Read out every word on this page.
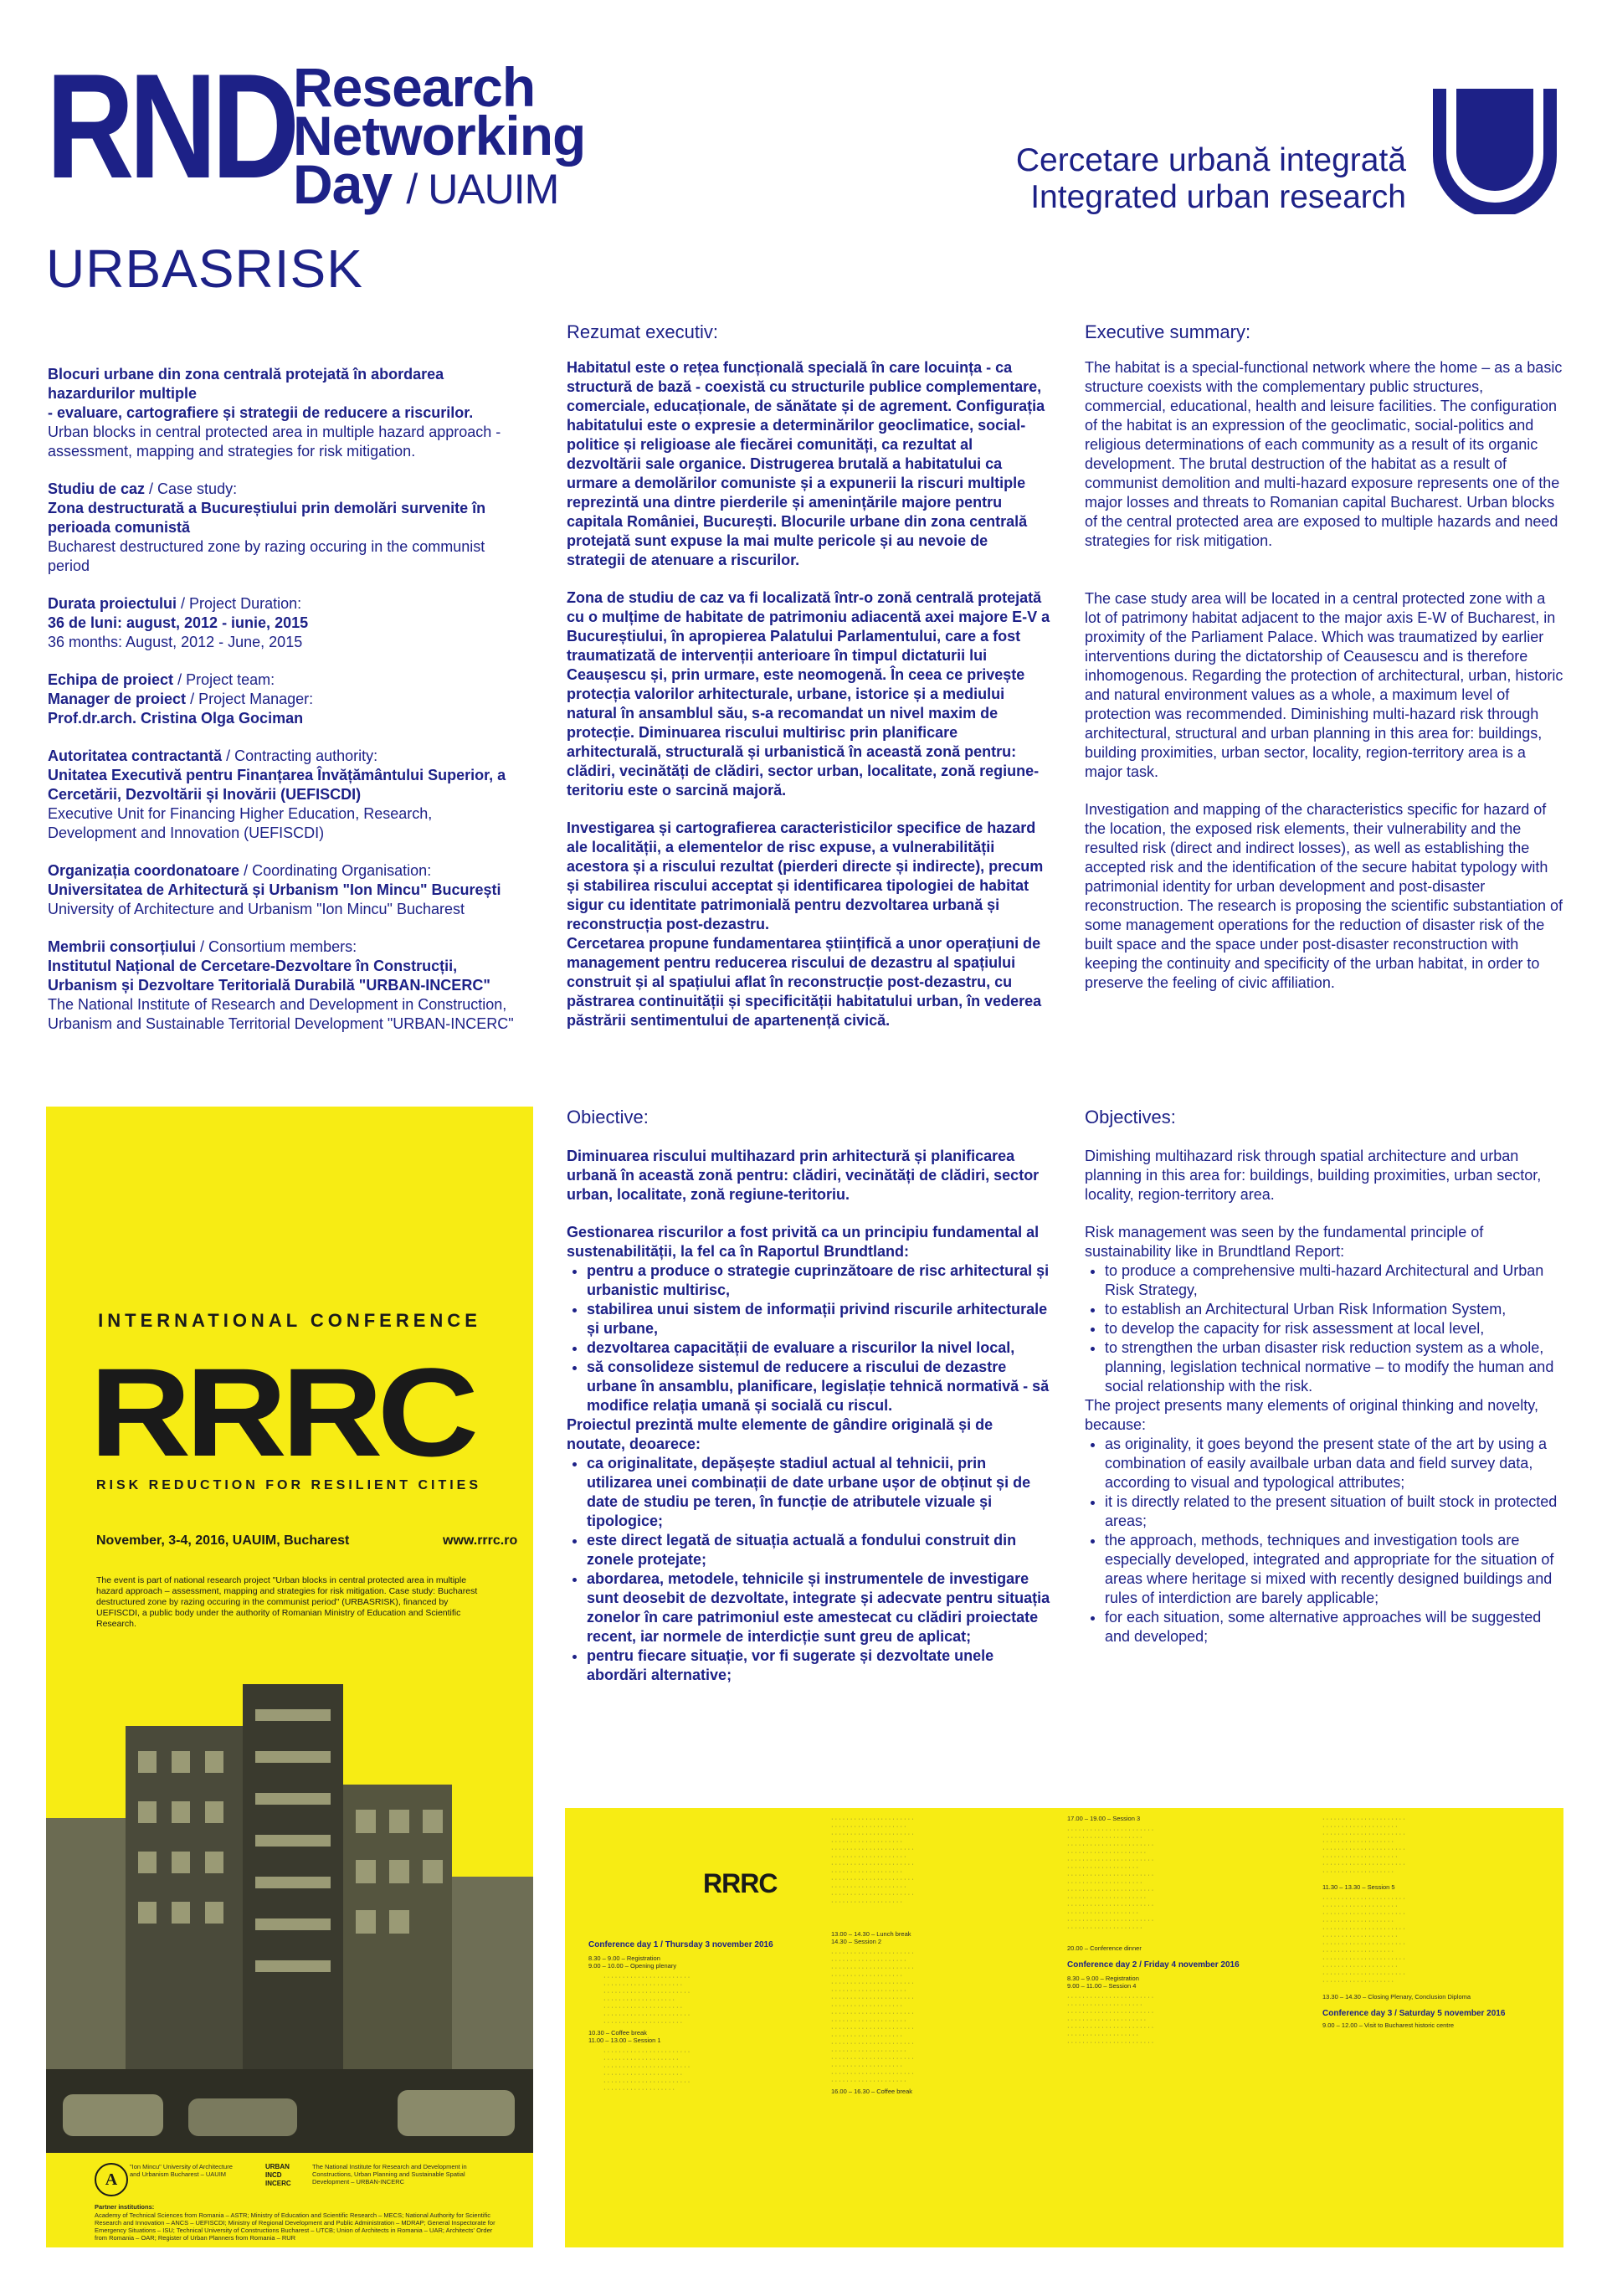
RND
Research
Networking
Day / UAUIM
Cercetare urbană integrată
Integrated urban research
URBASRISK
Blocuri urbane din zona centrală protejată în abordarea hazardurilor multiple
- evaluare, cartografiere și strategii de reducere a riscurilor.
Urban blocks in central protected area in multiple hazard approach - assessment, mapping and strategies for risk mitigation.
Studiu de caz / Case study:
Zona destructurată a Bucureștiului prin demolări survenite în perioada comunistă
Bucharest destructured zone by razing occuring in the communist period
Durata proiectului / Project Duration:
36 de luni: august, 2012 - iunie, 2015
36 months: August, 2012 - June, 2015
Echipa de proiect / Project team:
Manager de proiect / Project Manager:
Prof.dr.arch. Cristina Olga Gociman
Autoritatea contractantă / Contracting authority:
Unitatea Executivă pentru Finanțarea Învățământului Superior, a Cercetării, Dezvoltării și Inovării (UEFISCDI)
Executive Unit for Financing Higher Education, Research, Development and Innovation (UEFISCDI)
Organizația coordonatoare / Coordinating Organisation:
Universitatea de Arhitectură și Urbanism "Ion Mincu" București
University of Architecture and Urbanism "Ion Mincu" Bucharest
Membrii consorțiului / Consortium members:
Institutul Național de Cercetare-Dezvoltare în Construcții, Urbanism și Dezvoltare Teritorială Durabilă "URBAN-INCERC"
The National Institute of Research and Development in Construction, Urbanism and Sustainable Territorial Development "URBAN-INCERC"
Rezumat executiv:
Habitatul este o rețea funcțională specială în care locuința - ca structură de bază - coexistă cu structurile publice complementare, comerciale, educaționale, de sănătate și de agrement. Configurația habitatului este o expresie a determinărilor geoclimatice, social-politice și religioase ale fiecărei comunități, ca rezultat al dezvoltării sale organice. Distrugerea brutală a habitatului ca urmare a demolărilor comuniste și a expunerii la riscuri multiple reprezintă una dintre pierderile și amenințările majore pentru capitala României, București. Blocurile urbane din zona centrală protejată sunt expuse la mai multe pericole și au nevoie de strategii de atenuare a riscurilor.
Zona de studiu de caz va fi localizată într-o zonă centrală protejată cu o mulțime de habitate de patrimoniu adiacentă axei majore E-V a Bucureștiului, în apropierea Palatului Parlamentului, care a fost traumatizată de intervenții anterioare în timpul dictaturii lui Ceaușescu și, prin urmare, este neomogenă. În ceea ce privește protecția valorilor arhitecturale, urbane, istorice și a mediului natural în ansamblul său, s-a recomandat un nivel maxim de protecție. Diminuarea riscului multirisc prin planificare arhitecturală, structurală și urbanistică în această zonă pentru: clădiri, vecinătăți de clădiri, sector urban, localitate, zonă regiune-teritoriu este o sarcină majoră.
Investigarea și cartografierea caracteristicilor specifice de hazard ale localității, a elementelor de risc expuse, a vulnerabilității acestora și a riscului rezultat (pierderi directe și indirecte), precum și stabilirea riscului acceptat și identificarea tipologiei de habitat sigur cu identitate patrimonială pentru dezvoltarea urbană și reconstrucția post-dezastru.
Cercetarea propune fundamentarea științifică a unor operațiuni de management pentru reducerea riscului de dezastru al spațiului construit și al spațiului aflat în reconstrucție post-dezastru, cu păstrarea continuității și specificității habitatului urban, în vederea păstrării sentimentului de apartenență civică.
Obiective:
Diminuarea riscului multihazard prin arhitectură și planificarea urbană în această zonă pentru: clădiri, vecinătăți de clădiri, sector urban, localitate, zonă regiune-teritoriu.
Gestionarea riscurilor a fost privită ca un principiu fundamental al sustenabilității, la fel ca în Raportul Brundtland:
• pentru a produce o strategie cuprinzătoare de risc arhitectural și urbanistic multirisc,
• stabilirea unui sistem de informații privind riscurile arhitecturale și urbane,
• dezvoltarea capacității de evaluare a riscurilor la nivel local,
• să consolideze sistemul de reducere a riscului de dezastre urbane în ansamblu, planificare, legislație tehnică normativă - să modifice relația umană și socială cu riscul.
Proiectul prezintă multe elemente de gândire originală și de noutate, deoarece:
• ca originalitate, depășește stadiul actual al tehnicii, prin utilizarea unei combinații de date urbane ușor de obținut și de date de studiu pe teren, în funcție de atributele vizuale și tipologice;
• este direct legată de situația actuală a fondului construit din zonele protejate;
• abordarea, metodele, tehnicile și instrumentele de investigare sunt deosebit de dezvoltate, integrate și adecvate pentru situația zonelor în care patrimoniul este amestecat cu clădiri proiectate recent, iar normele de interdicție sunt greu de aplicat;
• pentru fiecare situație, vor fi sugerate și dezvoltate unele abordări alternative;
Executive summary:
The habitat is a special-functional network where the home – as a basic structure coexists with the complementary public structures, commercial, educational, health and leisure facilities. The configuration of the habitat is an expression of the geoclimatic, social-politics and religious determinations of each community as a result of its organic development. The brutal destruction of the habitat as a result of communist demolition and multi-hazard exposure represents one of the major losses and threats to Romanian capital Bucharest. Urban blocks of the central protected area are exposed to multiple hazards and need strategies for risk mitigation.
The case study area will be located in a central protected zone with a lot of patrimony habitat adjacent to the major axis E-W of Bucharest, in proximity of the Parliament Palace. Which was traumatized by earlier interventions during the dictatorship of Ceausescu and is therefore inhomogenous. Regarding the protection of architectural, urban, historic and natural environment values as a whole, a maximum level of protection was recommended. Diminishing multi-hazard risk through architectural, structural and urban planning in this area for: buildings, building proximities, urban sector, locality, region-territory area is a major task.
Investigation and mapping of the characteristics specific for hazard of the location, the exposed risk elements, their vulnerability and the resulted risk (direct and indirect losses), as well as establishing the accepted risk and the identification of the secure habitat typology with patrimonial identity for urban development and post-disaster reconstruction. The research is proposing the scientific substantiation of some management operations for the reduction of disaster risk of the built space and the space under post-disaster reconstruction with keeping the continuity and specificity of the urban habitat, in order to preserve the feeling of civic affiliation.
Objectives:
Dimishing multihazard risk through spatial architecture and urban planning in this area for: buildings, building proximities, urban sector, locality, region-territory area.
Risk management was seen by the fundamental principle of sustainability like in Brundtland Report:
• to produce a comprehensive multi-hazard Architectural and Urban Risk Strategy,
• to establish an Architectural Urban Risk Information System,
• to develop the capacity for risk assessment at local level,
• to strengthen the urban disaster risk reduction system as a whole, planning, legislation technical normative – to modify the human and social relationship with the risk.
The project presents many elements of original thinking and novelty, because:
• as originality, it goes beyond the present state of the art by using a combination of easily availbale urban data and field survey data, according to visual and typological attributes;
• it is directly related to the present situation of built stock in protected areas;
• the approach, methods, techniques and investigation tools are especially developed, integrated and appropriate for the situation of areas where heritage si mixed with recently designed buildings and rules of interdiction are barely applicable;
• for each situation, some alternative approaches will be suggested and developed;
INTERNATIONAL CONFERENCE
RRRC
RISK REDUCTION FOR RESILIENT CITIES
November, 3-4, 2016, UAUIM, Bucharest	www.rrrc.ro
The event is part of national research project "Urban blocks in central protected area in multiple hazard approach – assessment, mapping and strategies for risk mitigation. Case study: Bucharest destructured zone by razing occuring in the communist period" (URBASRISK), financed by UEFISCDI, a public body under the authority of Romanian Ministry of Education and Scientific Research.
A
"Ion Mincu" University of Architecture and Urbanism Bucharest – UAUIM
URBAN INCD INCERC
The National Institute for Research and Development in Constructions, Urban Planning and Sustainable Spatial Development – URBAN-INCERC
Partner institutions:
Academy of Technical Sciences from Romania – ASTR; Ministry of Education and Scientific Research – MECS; National Authority for Scientific Research and Innovation – ANCS – UEFISCDI; Ministry of Regional Development and Public Administration – MDRAP; General Inspectorate for Emergency Situations – ISU; Technical University of Constructions Bucharest – UTCB; Union of Architects in Romania – UAR; Architects' Order from Romania – OAR; Register of Urban Planners from Romania – RUR
RRRC
Conference day 1 / Thursday 3 november 2016
8.30 – 9.00 – Registration
9.00 – 10.00 – Opening plenary
· · · · · · · · · · · · · · · · · · · · · · ·
· · · · · · · · · · · · · · · · · · · · ·
· · · · · · · · · · · · · · · · · · · · · · ·
· · · · · · · · · · · · · · · · · · ·
· · · · · · · · · · · · · · · · · · · · ·
· · · · · · · · · · · · · · · · · · · · · · ·
· · · · · · · · · · · · · · · · · · · · ·
10.30 – Coffee break
11.00 – 13.00 – Session 1
· · · · · · · · · · · · · · · · · · · · · · ·
· · · · · · · · · · · · · · · · · · · ·
· · · · · · · · · · · · · · · · · · · · · · ·
· · · · · · · · · · · · · · · · · · · · ·
· · · · · · · · · · · · · · · · · · · · · · ·
· · · · · · · · · · · · · · · · · · ·
· · · · · · · · · · · · · · · · · · · · · ·
· · · · · · · · · · · · · · · · · · · ·
· · · · · · · · · · · · · · · · · · · · · ·
· · · · · · · · · · · · · · · · · · ·
· · · · · · · · · · · · · · · · · · · · · ·
· · · · · · · · · · · · · · · · · · · ·
· · · · · · · · · · · · · · · · · · · · · ·
· · · · · · · · · · · · · · · · · · ·
· · · · · · · · · · · · · · · · · · · · · ·
· · · · · · · · · · · · · · · · · · · ·
· · · · · · · · · · · · · · · · · · · · · ·
· · · · · · · · · · · · · · · · · · ·
13.00 – 14.30 – Lunch break
14.30 – Session 2
· · · · · · · · · · · · · · · · · · · · · ·
· · · · · · · · · · · · · · · · · · · ·
· · · · · · · · · · · · · · · · · · · · · ·
· · · · · · · · · · · · · · · · · · ·
· · · · · · · · · · · · · · · · · · · · · ·
· · · · · · · · · · · · · · · · · · · ·
· · · · · · · · · · · · · · · · · · · · · ·
· · · · · · · · · · · · · · · · · · ·
· · · · · · · · · · · · · · · · · · · · · ·
· · · · · · · · · · · · · · · · · · · ·
· · · · · · · · · · · · · · · · · · · · · ·
· · · · · · · · · · · · · · · · · · ·
· · · · · · · · · · · · · · · · · · · · · ·
· · · · · · · · · · · · · · · · · · · ·
· · · · · · · · · · · · · · · · · · · · · ·
· · · · · · · · · · · · · · · · · · ·
· · · · · · · · · · · · · · · · · · · · · ·
· · · · · · · · · · · · · · · · · · · ·
16.00 – 16.30 – Coffee break
17.00 – 19.00 – Session 3
· · · · · · · · · · · · · · · · · · · · · · ·
· · · · · · · · · · · · · · · · · · · ·
· · · · · · · · · · · · · · · · · · · · · · ·
· · · · · · · · · · · · · · · · · · · · ·
· · · · · · · · · · · · · · · · · · · · · · ·
· · · · · · · · · · · · · · · · · · ·
· · · · · · · · · · · · · · · · · · · · · · ·
· · · · · · · · · · · · · · · · · · · ·
· · · · · · · · · · · · · · · · · · · · · · ·
· · · · · · · · · · · · · · · · · · · · ·
· · · · · · · · · · · · · · · · · · · · · · ·
· · · · · · · · · · · · · · · · · · ·
· · · · · · · · · · · · · · · · · · · · · · ·
· · · · · · · · · · · · · · · · · · · ·
20.00 – Conference dinner
Conference day 2 / Friday 4 november 2016
8.30 – 9.00 – Registration
9.00 – 11.00 – Session 4
· · · · · · · · · · · · · · · · · · · · · · ·
· · · · · · · · · · · · · · · · · · · ·
· · · · · · · · · · · · · · · · · · · · · · ·
· · · · · · · · · · · · · · · · · · · · ·
· · · · · · · · · · · · · · · · · · · · · · ·
· · · · · · · · · · · · · · · · · · ·
· · · · · · · · · · · · · · · · · · · · · · ·
· · · · · · · · · · · · · · · · · · · · · ·
· · · · · · · · · · · · · · · · · · · ·
· · · · · · · · · · · · · · · · · · · · · ·
· · · · · · · · · · · · · · · · · · ·
· · · · · · · · · · · · · · · · · · · · · ·
· · · · · · · · · · · · · · · · · · · ·
· · · · · · · · · · · · · · · · · · · · · ·
· · · · · · · · · · · · · · · · · · ·
11.30 – 13.30 – Session 5
· · · · · · · · · · · · · · · · · · · · · ·
· · · · · · · · · · · · · · · · · · · ·
· · · · · · · · · · · · · · · · · · · · · ·
· · · · · · · · · · · · · · · · · · ·
· · · · · · · · · · · · · · · · · · · · · ·
· · · · · · · · · · · · · · · · · · · ·
· · · · · · · · · · · · · · · · · · · · · ·
· · · · · · · · · · · · · · · · · · ·
· · · · · · · · · · · · · · · · · · · · · ·
· · · · · · · · · · · · · · · · · · · ·
· · · · · · · · · · · · · · · · · · · · · ·
· · · · · · · · · · · · · · · · · · ·
13.30 – 14.30 – Closing Plenary, Conclusion Diploma
Conference day 3 / Saturday 5 november 2016
9.00 – 12.00 – Visit to Bucharest historic centre
